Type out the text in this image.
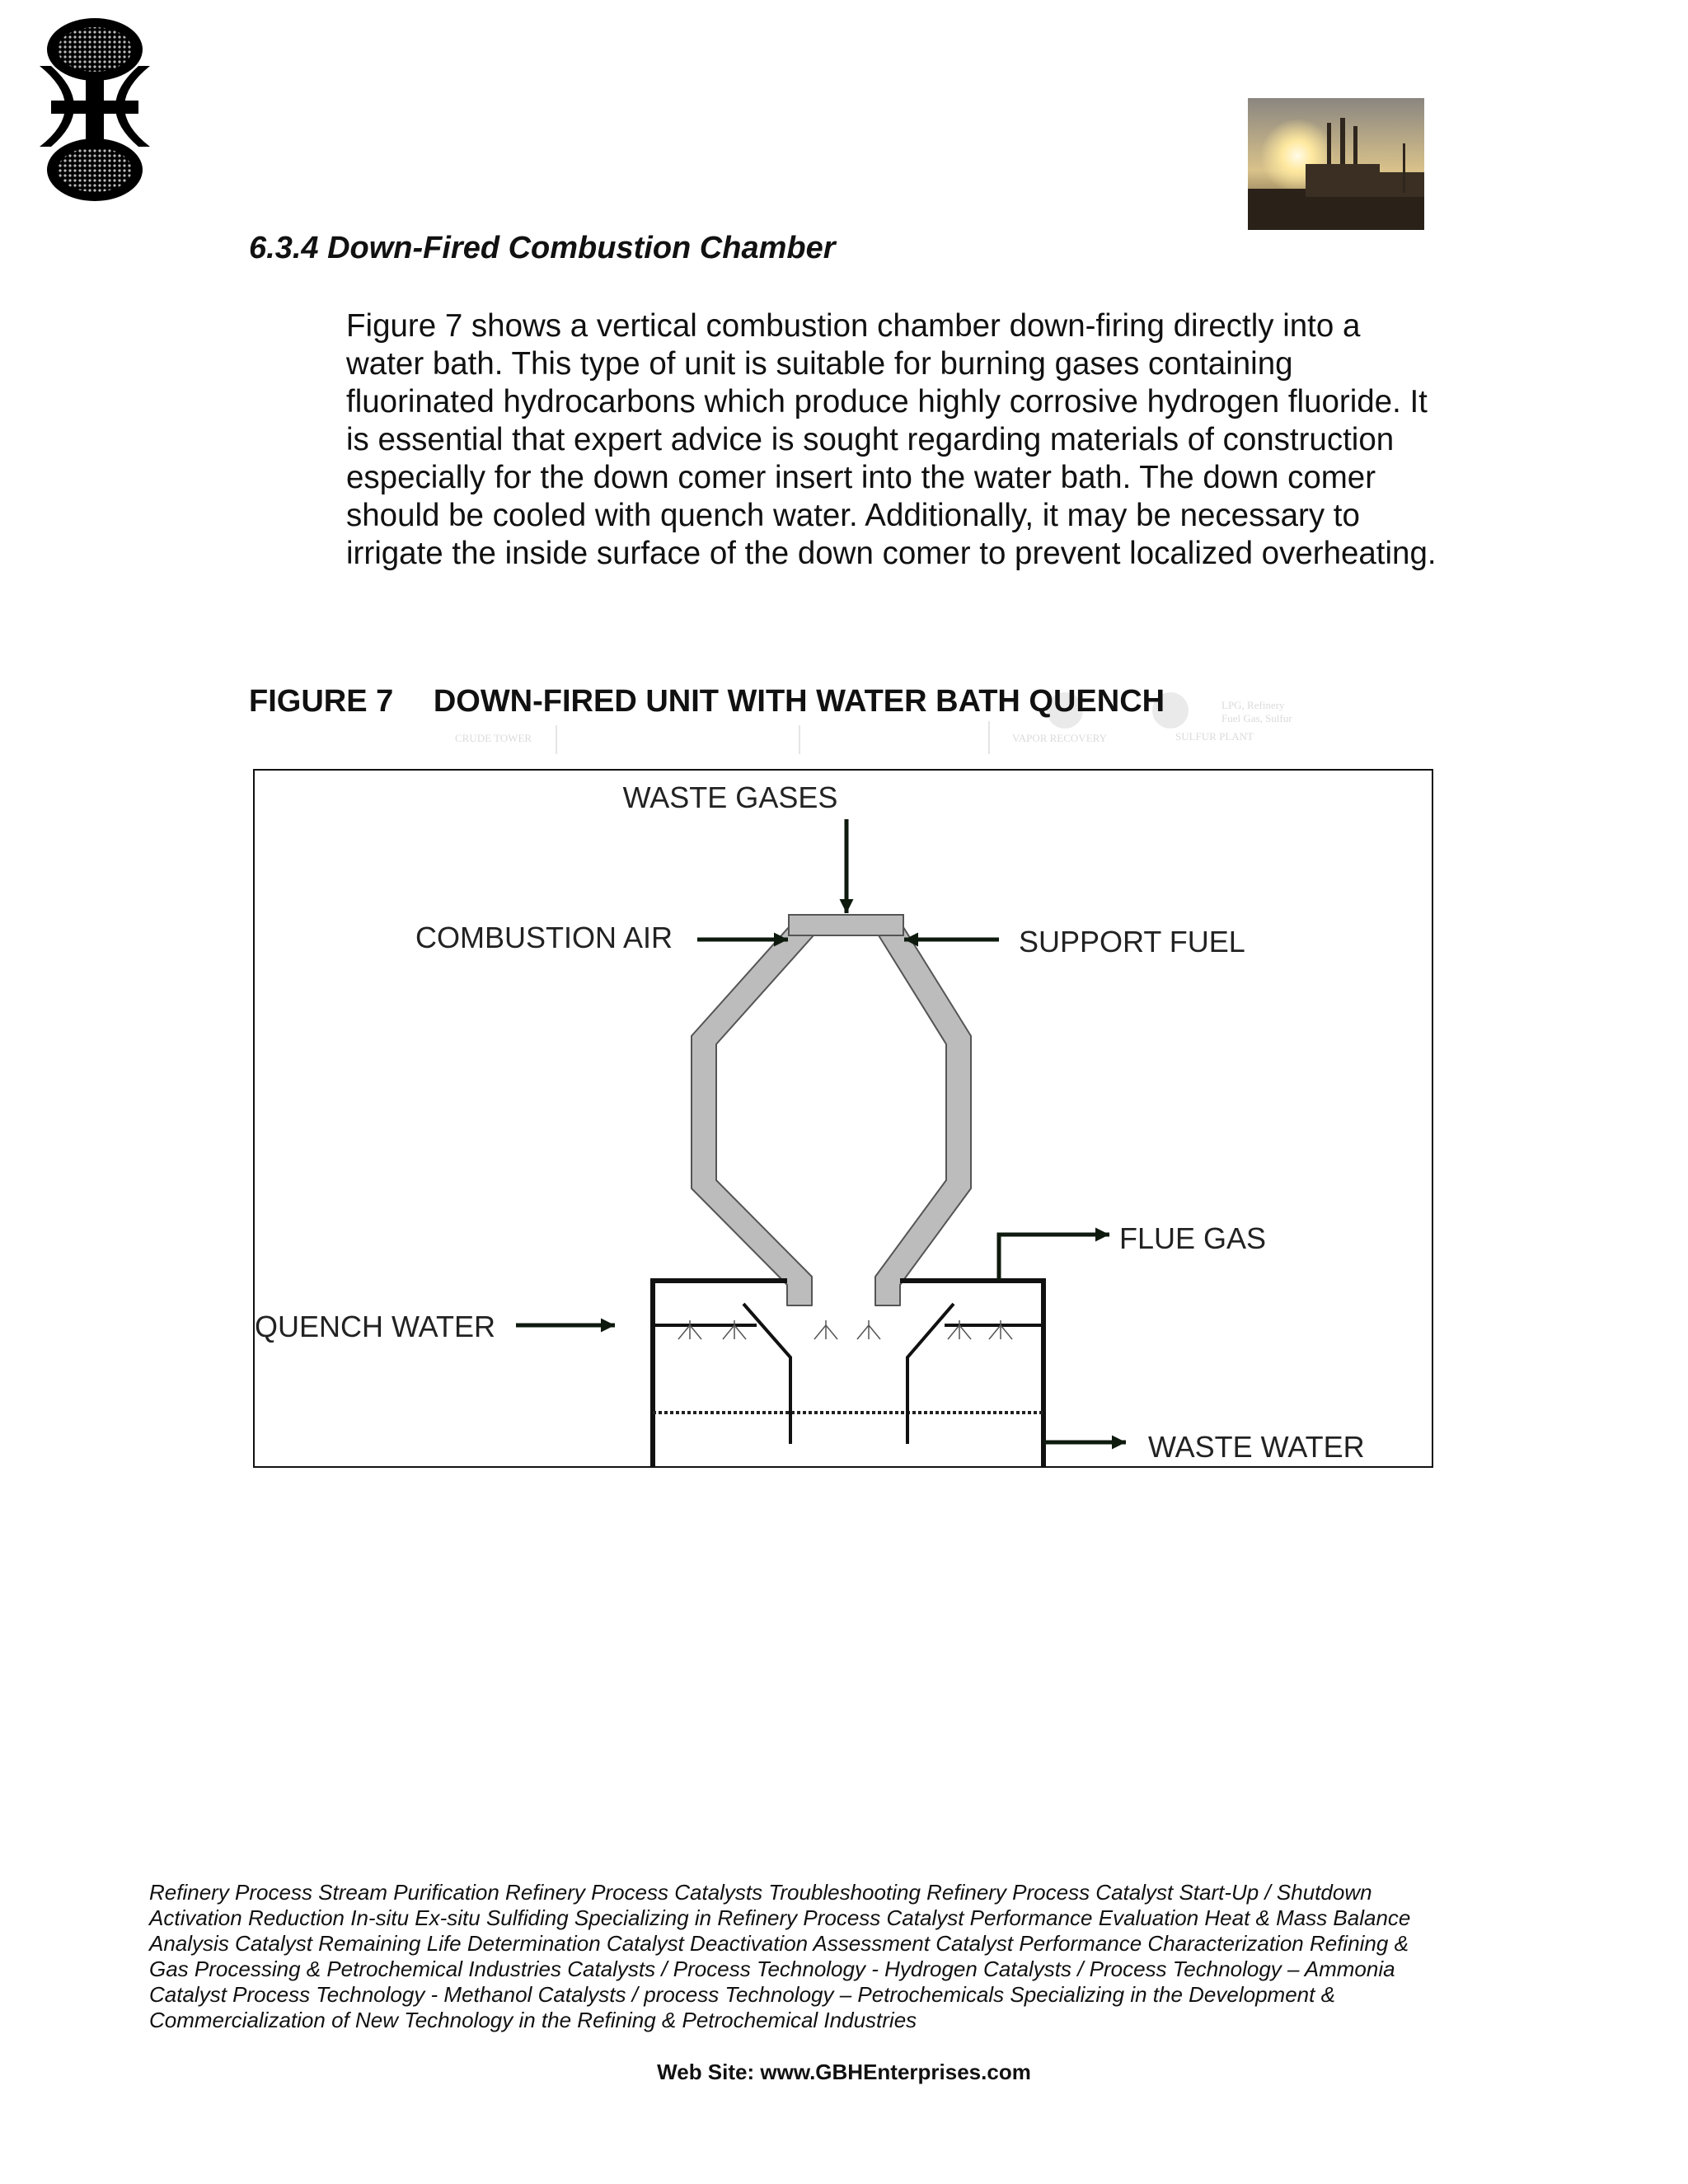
6.3.4 Down-Fired Combustion Chamber

Figure 7 shows a vertical combustion chamber down-firing directly into a water bath. This type of unit is suitable for burning gases containing fluorinated hydrocarbons which produce highly corrosive hydrogen fluoride. It is essential that expert advice is sought regarding materials of construction especially for the down comer insert into the water bath. The down comer should be cooled with quench water. Additionally, it may be necessary to irrigate the inside surface of the down comer to prevent localized overheating.

CRUDE TOWER	VAPOR RECOVERY	SULFUR PLANT
LPG, Refinery
Fuel Gas, Sulfur
FIGURE 7 DOWN-FIRED UNIT WITH WATER BATH QUENCH
WASTE GASES
COMBUSTION AIR	SUPPORT FUEL
FLUE GAS
QUENCH WATER
WASTE WATER

Refinery Process Stream Purification Refinery Process Catalysts Troubleshooting Refinery Process Catalyst Start-Up / Shutdown Activation Reduction In-situ Ex-situ Sulfiding Specializing in Refinery Process Catalyst Performance Evaluation Heat & Mass Balance Analysis Catalyst Remaining Life Determination Catalyst Deactivation Assessment Catalyst Performance Characterization Refining & Gas Processing & Petrochemical Industries Catalysts / Process Technology - Hydrogen Catalysts / Process Technology – Ammonia Catalyst Process Technology - Methanol Catalysts / process Technology – Petrochemicals Specializing in the Development & Commercialization of New Technology in the Refining & Petrochemical Industries

Web Site: www.GBHEnterprises.com
